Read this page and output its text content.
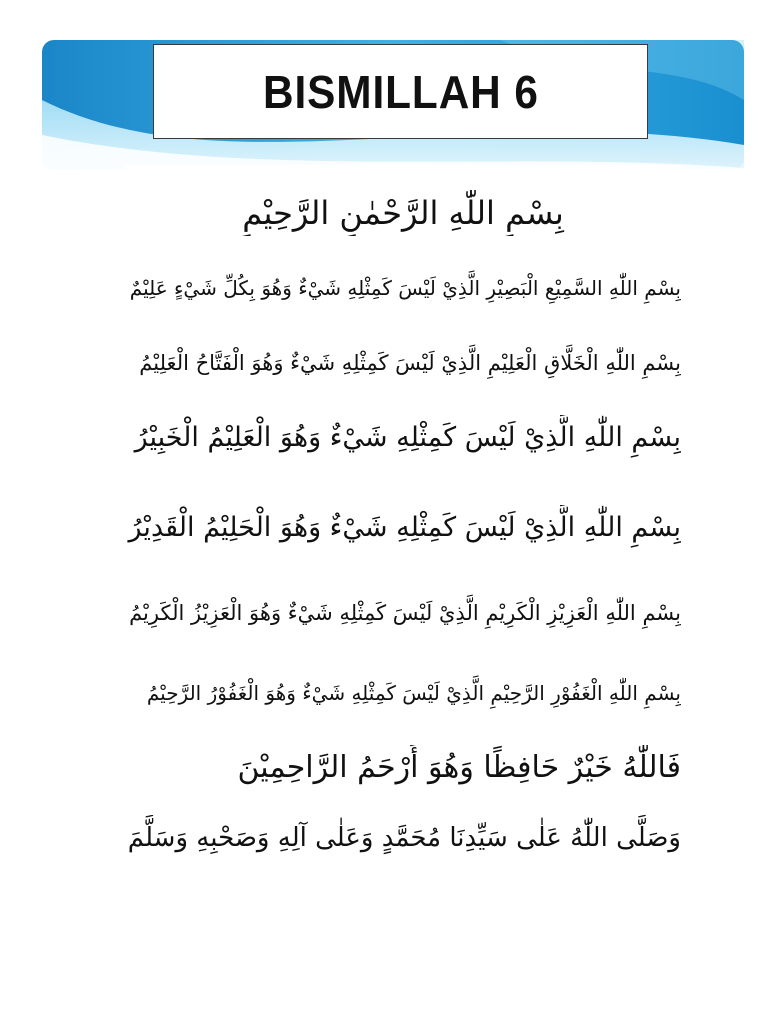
BISMILLAH 6
بِسْمِ اللّٰهِ الرَّحْمٰنِ الرَّحِيْمِ
بِسْمِ اللّٰهِ السَّمِيْعِ الْبَصِيْرِ الَّذِيْ لَيْسَ كَمِثْلِهِ شَيْءٌ وَهُوَ بِكُلِّ شَيْءٍ عَلِيْمٌ
بِسْمِ اللّٰهِ الْخَلَّاقِ الْعَلِيْمِ الَّذِيْ لَيْسَ كَمِثْلِهِ شَيْءٌ وَهُوَ الْفَتَّاحُ الْعَلِيْمُ
بِسْمِ اللّٰهِ الَّذِيْ لَيْسَ كَمِثْلِهِ شَيْءٌ وَهُوَ الْعَلِيْمُ الْخَبِيْرُ
بِسْمِ اللّٰهِ الَّذِيْ لَيْسَ كَمِثْلِهِ شَيْءٌ وَهُوَ الْحَلِيْمُ الْقَدِيْرُ
بِسْمِ اللّٰهِ الْعَزِيْزِ الْكَرِيْمِ الَّذِيْ لَيْسَ كَمِثْلِهِ شَيْءٌ وَهُوَ الْعَزِيْزُ الْكَرِيْمُ
بِسْمِ اللّٰهِ الْغَفُوْرِ الرَّحِيْمِ الَّذِيْ لَيْسَ كَمِثْلِهِ شَيْءٌ وَهُوَ الْغَفُوْرُ الرَّحِيْمُ
فَاللّٰهُ خَيْرٌ حَافِظًا وَهُوَ أَرْحَمُ الرَّاحِمِيْنَ
وَصَلَّى اللّٰهُ عَلٰى سَيِّدِنَا مُحَمَّدٍ وَعَلٰى آلِهِ وَصَحْبِهِ وَسَلَّمَ
